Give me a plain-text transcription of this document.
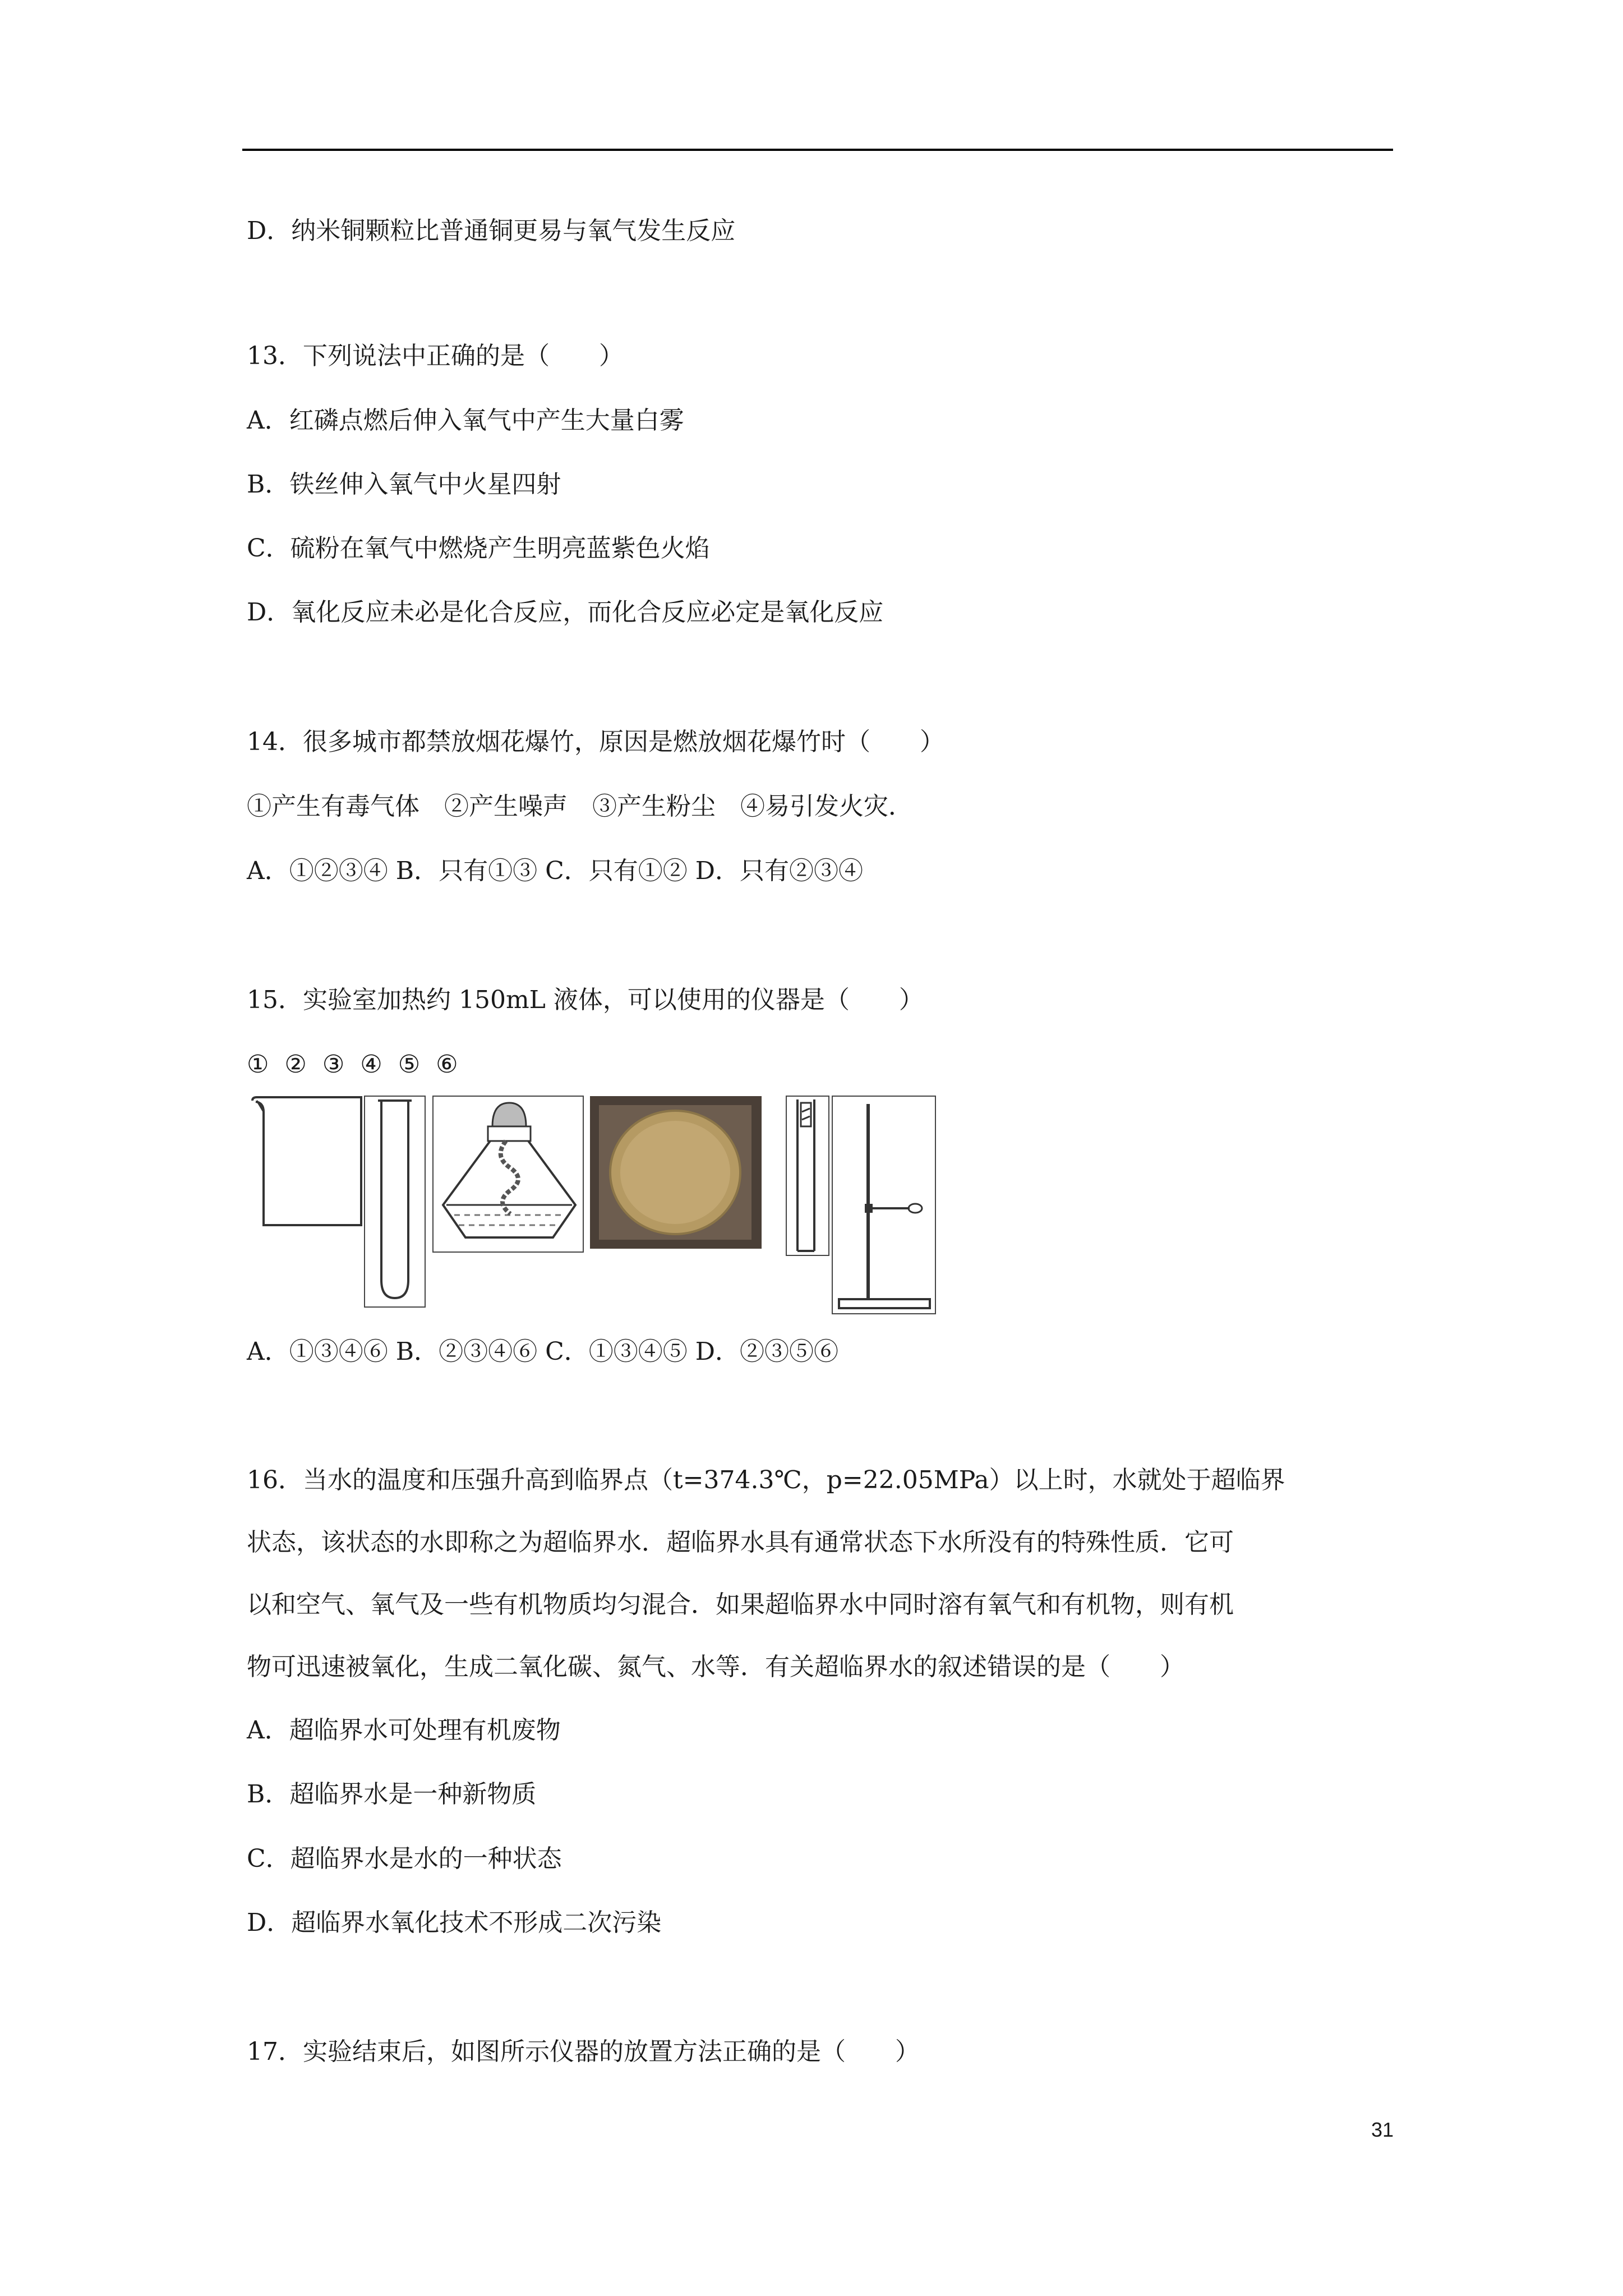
D．纳米铜颗粒比普通铜更易与氧气发生反应
13．下列说法中正确的是（　　）
A．红磷点燃后伸入氧气中产生大量白雾
B．铁丝伸入氧气中火星四射
C．硫粉在氧气中燃烧产生明亮蓝紫色火焰
D．氧化反应未必是化合反应，而化合反应必定是氧化反应
14．很多城市都禁放烟花爆竹，原因是燃放烟花爆竹时（　　）
①产生有毒气体　②产生噪声　③产生粉尘　④易引发火灾．
A．①②③④ B．只有①③ C．只有①② D．只有②③④
15．实验室加热约 150mL 液体，可以使用的仪器是（　　）
① ② ③ ④ ⑤ ⑥
A．①③④⑥ B．②③④⑥ C．①③④⑤ D．②③⑤⑥
16．当水的温度和压强升高到临界点（t=374.3℃，p=22.05MPa）以上时，水就处于超临界
状态，该状态的水即称之为超临界水．超临界水具有通常状态下水所没有的特殊性质．它可
以和空气、氧气及一些有机物质均匀混合．如果超临界水中同时溶有氧气和有机物，则有机
物可迅速被氧化，生成二氧化碳、氮气、水等．有关超临界水的叙述错误的是（　　）
A．超临界水可处理有机废物
B．超临界水是一种新物质
C．超临界水是水的一种状态
D．超临界水氧化技术不形成二次污染
17．实验结束后，如图所示仪器的放置方法正确的是（　　）
31
